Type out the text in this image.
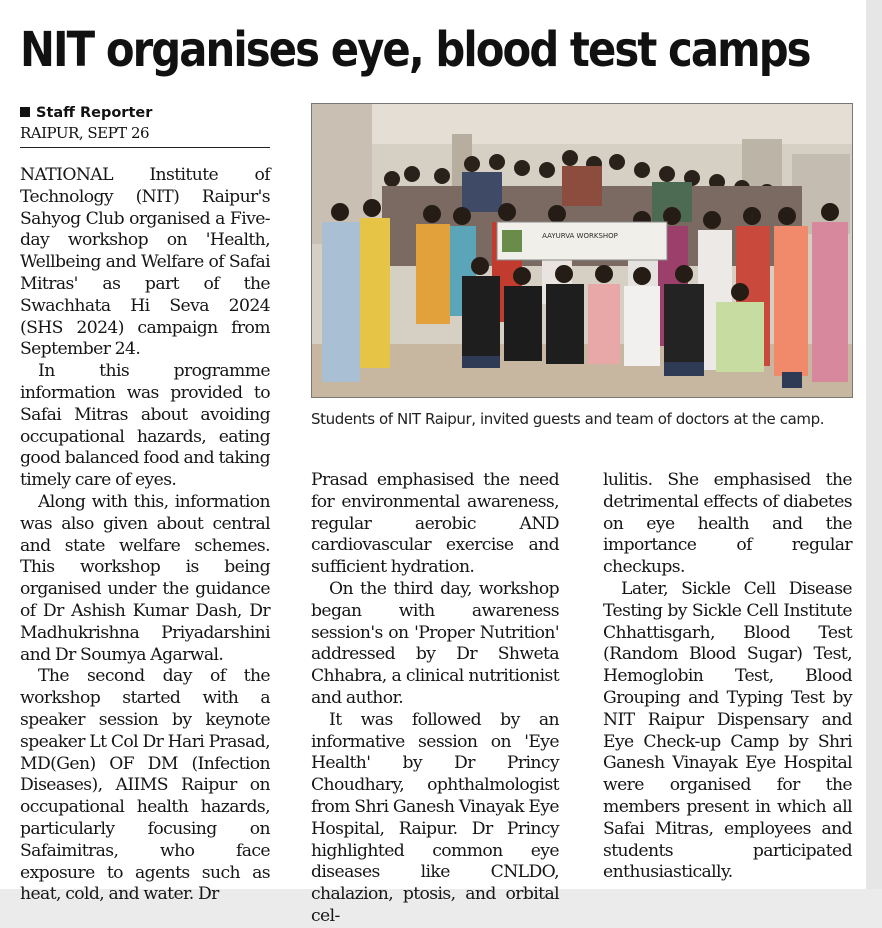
NIT organises eye, blood test camps
Staff Reporter
RAIPUR, SEPT 26

NATIONAL Institute of Technology (NIT) Raipur's Sahyog Club organised a Five-day workshop on 'Health, Wellbeing and Welfare of Safai Mitras' as part of the Swachhata Hi Seva 2024 (SHS 2024) campaign from September 24.

In this programme information was provided to Safai Mitras about avoiding occupational hazards, eating good balanced food and taking timely care of eyes.

Along with this, information was also given about central and state welfare schemes. This workshop is being organised under the guidance of Dr Ashish Kumar Dash, Dr Madhukrishna Priyadarshini and Dr Soumya Agarwal.

The second day of the workshop started with a speaker session by keynote speaker Lt Col Dr Hari Prasad, MD(Gen) OF DM (Infection Diseases), AIIMS Raipur on occupational health hazards, particularly focusing on Safaimitras, who face exposure to agents such as heat, cold, and water. Dr

AAYURVA WORKSHOP
Students of NIT Raipur, invited guests and team of doctors at the camp.

Prasad emphasised the need for environmental awareness, regular aerobic AND cardiovascular exercise and sufficient hydration.

On the third day, workshop began with awareness session's on 'Proper Nutrition' addressed by Dr Shweta Chhabra, a clinical nutritionist and author.

It was followed by an informative session on 'Eye Health' by Dr Princy Choudhary, ophthalmologist from Shri Ganesh Vinayak Eye Hospital, Raipur. Dr Princy highlighted common eye diseases like CNLDO, chalazion, ptosis, and orbital cel-

lulitis. She emphasised the detrimental effects of diabetes on eye health and the importance of regular checkups.

Later, Sickle Cell Disease Testing by Sickle Cell Institute Chhattisgarh, Blood Test (Random Blood Sugar) Test, Hemoglobin Test, Blood Grouping and Typing Test by NIT Raipur Dispensary and Eye Check-up Camp by Shri Ganesh Vinayak Eye Hospital were organised for the members present in which all Safai Mitras, employees and students participated enthusiastically.
